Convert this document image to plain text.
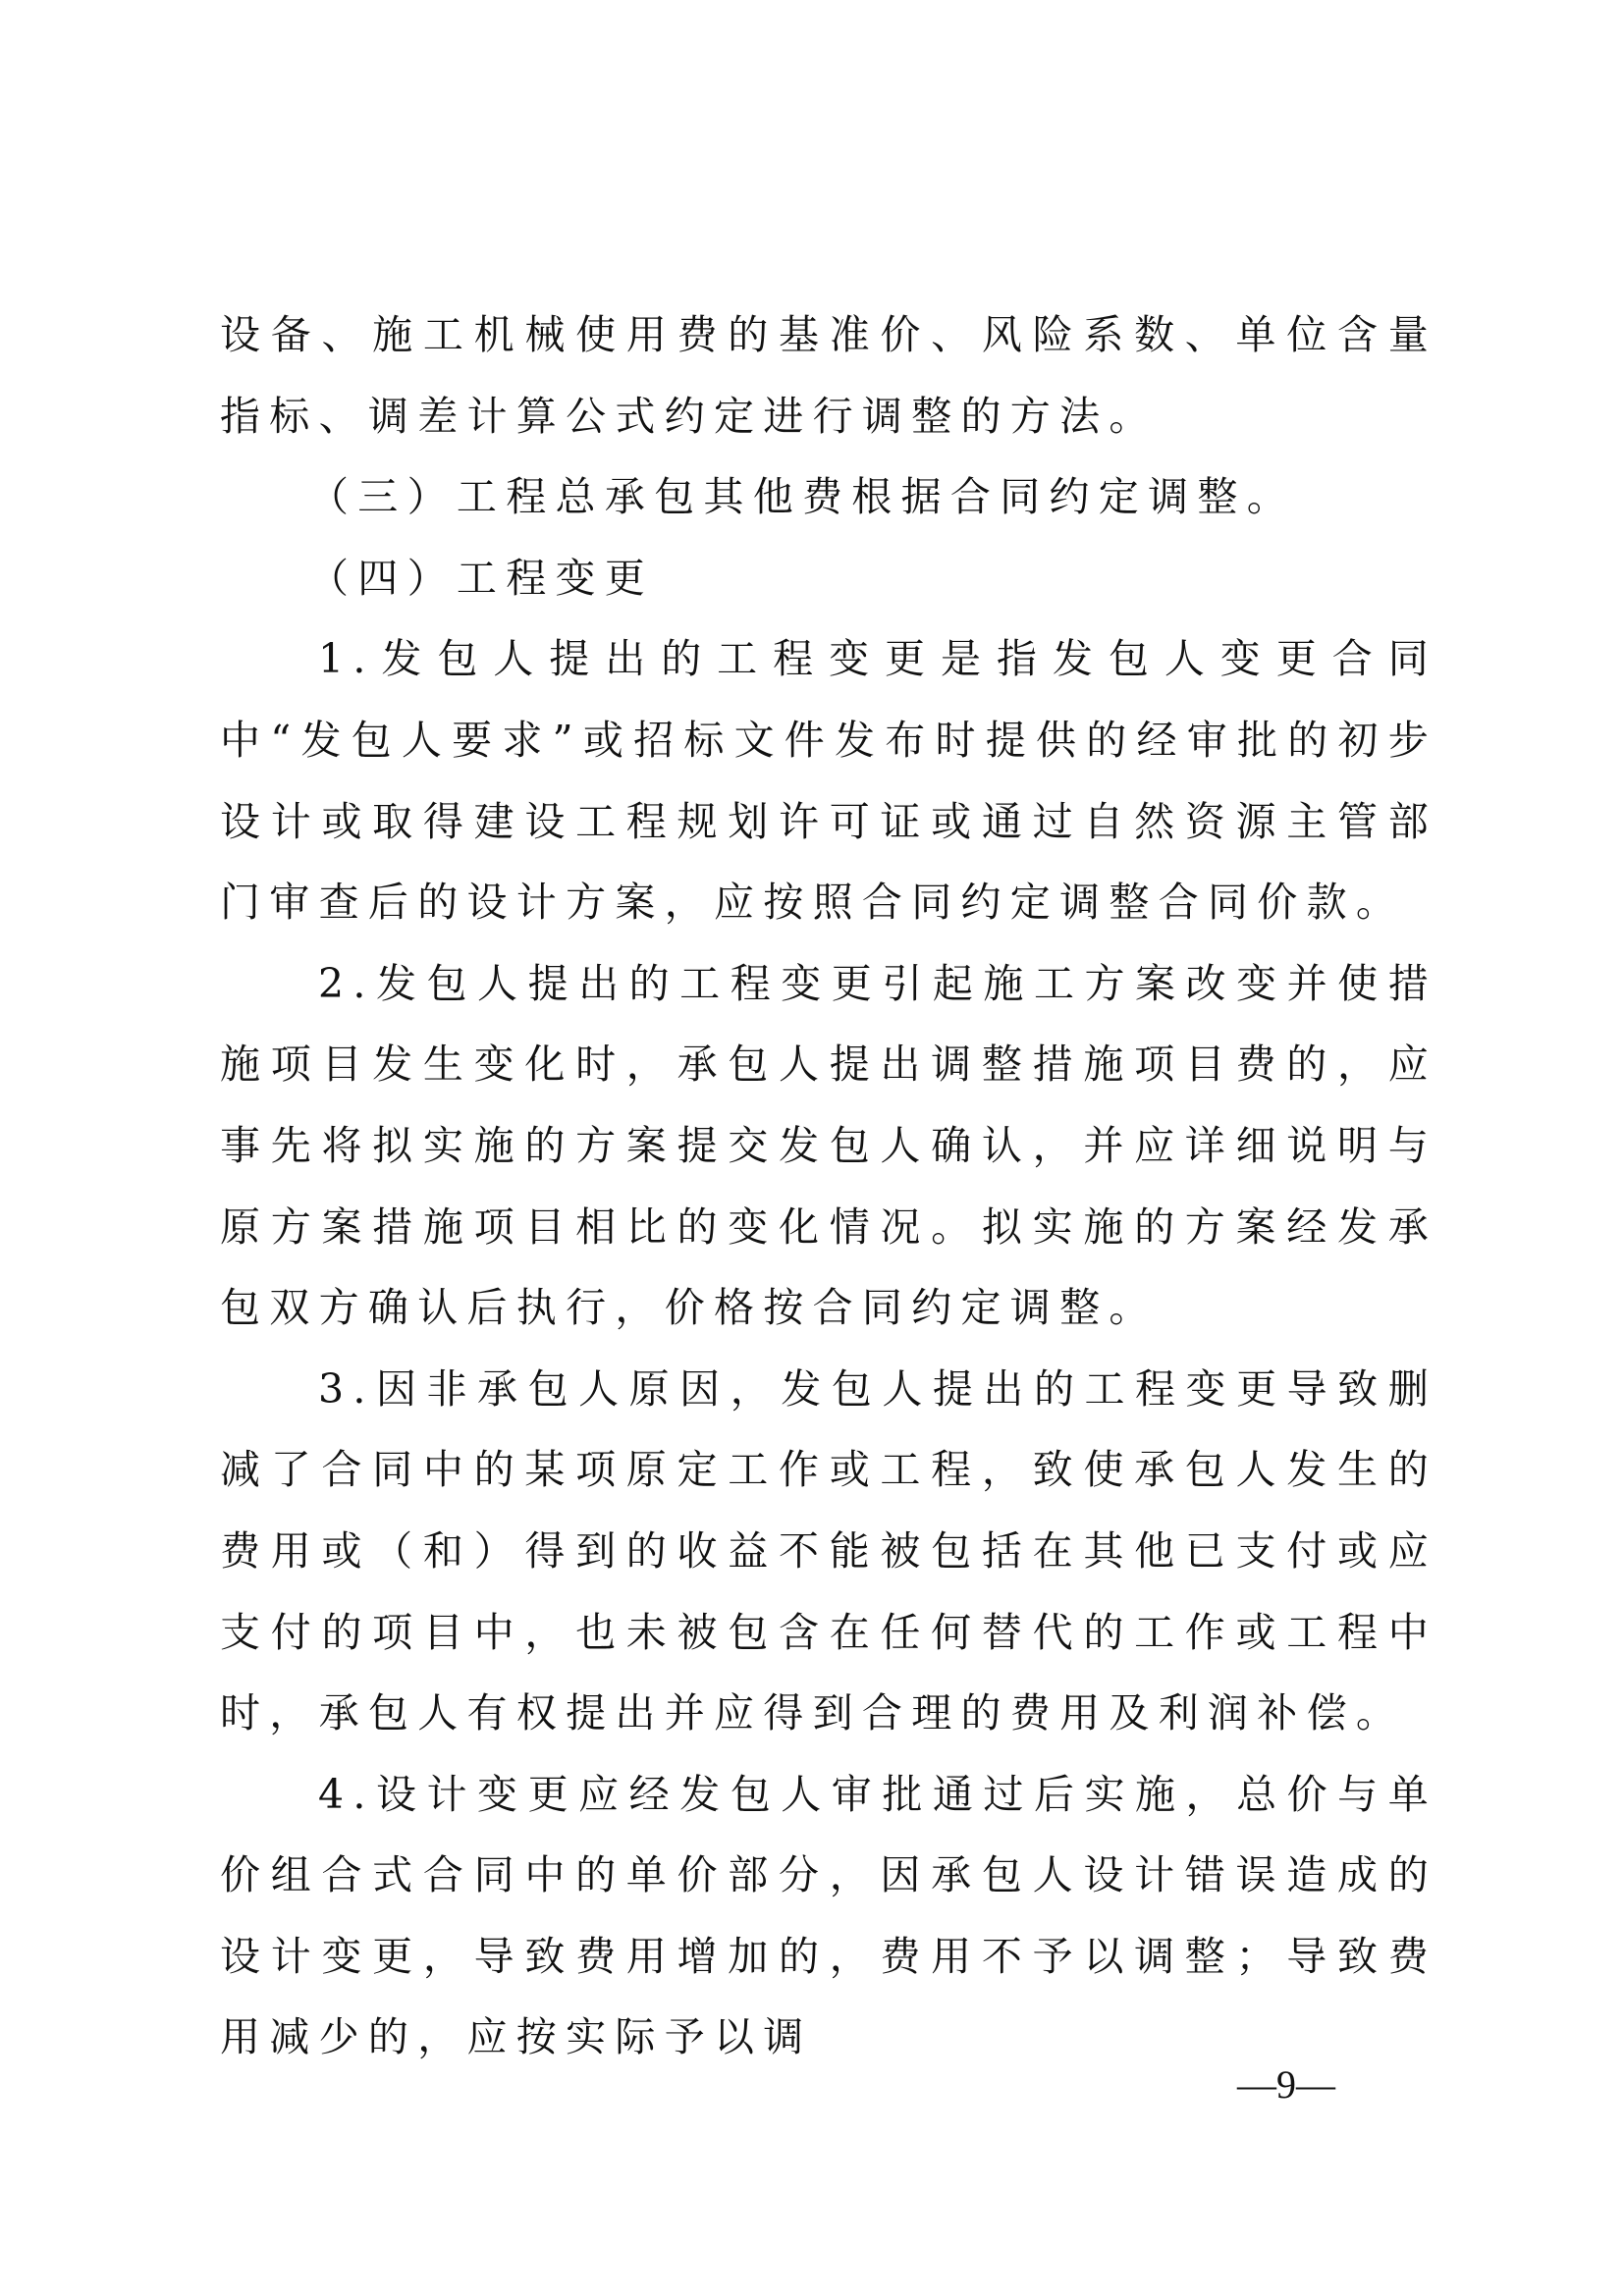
设备、施工机械使用费的基准价、风险系数、单位含量指标、调差计算公式约定进行调整的方法。

（三）工程总承包其他费根据合同约定调整。

（四）工程变更

1.发包人提出的工程变更是指发包人变更合同中“发包人要求”或招标文件发布时提供的经审批的初步设计或取得建设工程规划许可证或通过自然资源主管部门审查后的设计方案，应按照合同约定调整合同价款。

2.发包人提出的工程变更引起施工方案改变并使措施项目发生变化时，承包人提出调整措施项目费的，应事先将拟实施的方案提交发包人确认，并应详细说明与原方案措施项目相比的变化情况。拟实施的方案经发承包双方确认后执行，价格按合同约定调整。

3.因非承包人原因，发包人提出的工程变更导致删减了合同中的某项原定工作或工程，致使承包人发生的费用或（和）得到的收益不能被包括在其他已支付或应支付的项目中，也未被包含在任何替代的工作或工程中时，承包人有权提出并应得到合理的费用及利润补偿。

4.设计变更应经发包人审批通过后实施，总价与单价组合式合同中的单价部分，因承包人设计错误造成的设计变更，导致费用增加的，费用不予以调整；导致费用减少的，应按实际予以调

—9—
